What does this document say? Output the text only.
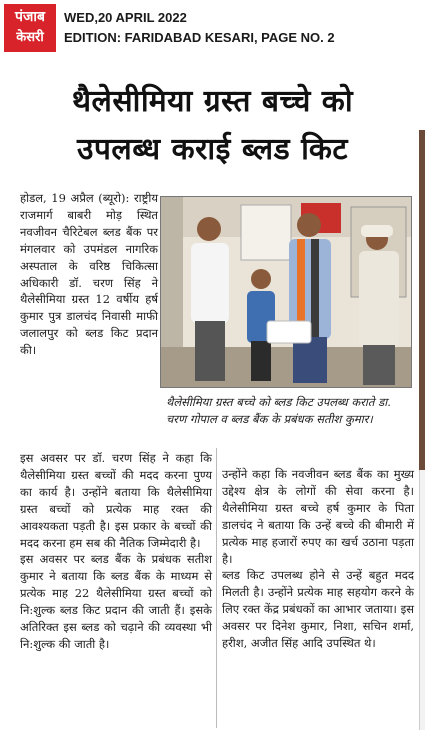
पंजाब
केसरी
WED,20 APRIL 2022
EDITION: FARIDABAD KESARI, PAGE NO. 2
थैलेसीमिया ग्रस्त बच्चे को
उपलब्ध कराई ब्लड किट

होडल, 19 अप्रैल (ब्यूरो): राष्ट्रीय राजमार्ग बाबरी मोड़ स्थित नवजीवन चैरिटेबल ब्लड बैंक पर मंगलवार को उपमंडल नागरिक अस्पताल के वरिष्ठ चिकित्सा अधिकारी डॉ. चरण सिंह ने थैलेसीमिया ग्रस्त 12 वर्षीय हर्ष कुमार पुत्र डालचंद निवासी माफी जलालपुर को ब्लड किट प्रदान की।

थैलेसीमिया ग्रस्त बच्चे को ब्लड किट उपलब्ध कराते डा. चरण गोपाल व ब्लड बैंक के प्रबंधक सतीश कुमार।

इस अवसर पर डॉ. चरण सिंह ने कहा कि थैलेसीमिया ग्रस्त बच्चों की मदद करना पुण्य का कार्य है। उन्होंने बताया कि थैलेसीमिया ग्रस्त बच्चों को प्रत्येक माह रक्त की आवश्यकता पड़ती है। इस प्रकार के बच्चों की मदद करना हम सब की नैतिक जिम्मेदारी है।

इस अवसर पर ब्लड बैंक के प्रबंधक सतीश कुमार ने बताया कि ब्लड बैंक के माध्यम से प्रत्येक माह 22 थैलेसीमिया ग्रस्त बच्चों को नि:शुल्क ब्लड किट प्रदान की जाती हैं। इसके अतिरिक्त इस ब्लड को चढ़ाने की व्यवस्था भी नि:शुल्क की जाती है।

उन्होंने कहा कि नवजीवन ब्लड बैंक का मुख्य उद्देश्य क्षेत्र के लोगों की सेवा करना है। थैलेसीमिया ग्रस्त बच्चे हर्ष कुमार के पिता डालचंद ने बताया कि उन्हें बच्चे की बीमारी में प्रत्येक माह हजारों रुपए का खर्च उठाना पड़ता है।

ब्लड किट उपलब्ध होने से उन्हें बहुत मदद मिलती है। उन्होंने प्रत्येक माह सहयोग करने के लिए रक्त केंद्र प्रबंधकों का आभार जताया। इस अवसर पर दिनेश कुमार, निशा, सचिन शर्मा, हरीश, अजीत सिंह आदि उपस्थित थे।
